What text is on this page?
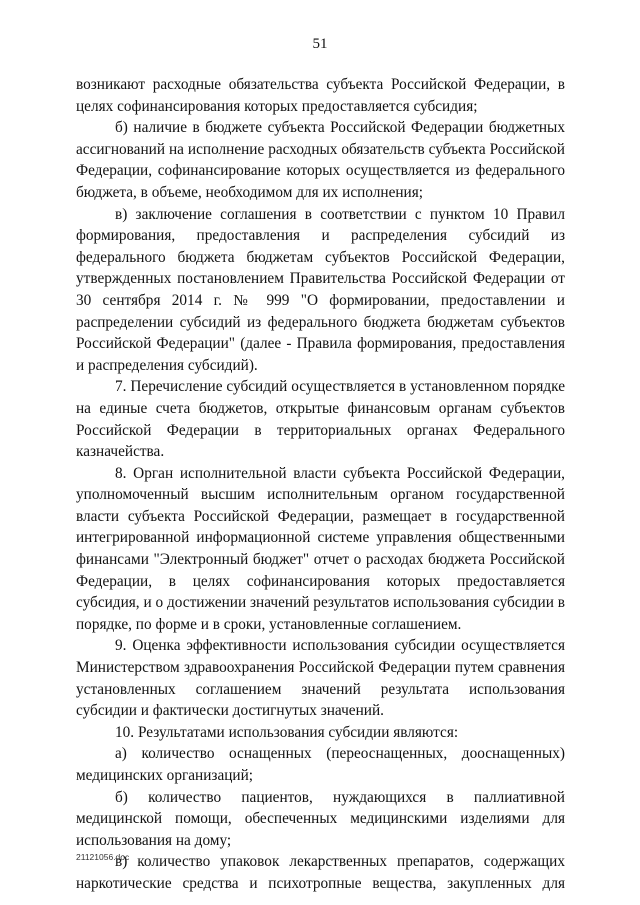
51

возникают расходные обязательства субъекта Российской Федерации, в целях софинансирования которых предоставляется субсидия;

б) наличие в бюджете субъекта Российской Федерации бюджетных ассигнований на исполнение расходных обязательств субъекта Российской Федерации, софинансирование которых осуществляется из федерального бюджета, в объеме, необходимом для их исполнения;

в) заключение соглашения в соответствии с пунктом 10 Правил формирования, предоставления и распределения субсидий из федерального бюджета бюджетам субъектов Российской Федерации, утвержденных постановлением Правительства Российской Федерации от 30 сентября 2014 г. № 999 "О формировании, предоставлении и распределении субсидий из федерального бюджета бюджетам субъектов Российской Федерации" (далее - Правила формирования, предоставления и распределения субсидий).

7. Перечисление субсидий осуществляется в установленном порядке на единые счета бюджетов, открытые финансовым органам субъектов Российской Федерации в территориальных органах Федерального казначейства.

8. Орган исполнительной власти субъекта Российской Федерации, уполномоченный высшим исполнительным органом государственной власти субъекта Российской Федерации, размещает в государственной интегрированной информационной системе управления общественными финансами "Электронный бюджет" отчет о расходах бюджета Российской Федерации, в целях софинансирования которых предоставляется субсидия, и о достижении значений результатов использования субсидии в порядке, по форме и в сроки, установленные соглашением.

9. Оценка эффективности использования субсидии осуществляется Министерством здравоохранения Российской Федерации путем сравнения установленных соглашением значений результата использования субсидии и фактически достигнутых значений.

10. Результатами использования субсидии являются:

а) количество оснащенных (переоснащенных, дооснащенных) медицинских организаций;

б) количество пациентов, нуждающихся в паллиативной медицинской помощи, обеспеченных медицинскими изделиями для использования на дому;

в) количество упаковок лекарственных препаратов, содержащих наркотические средства и психотропные вещества, закупленных для

21121056.doc
